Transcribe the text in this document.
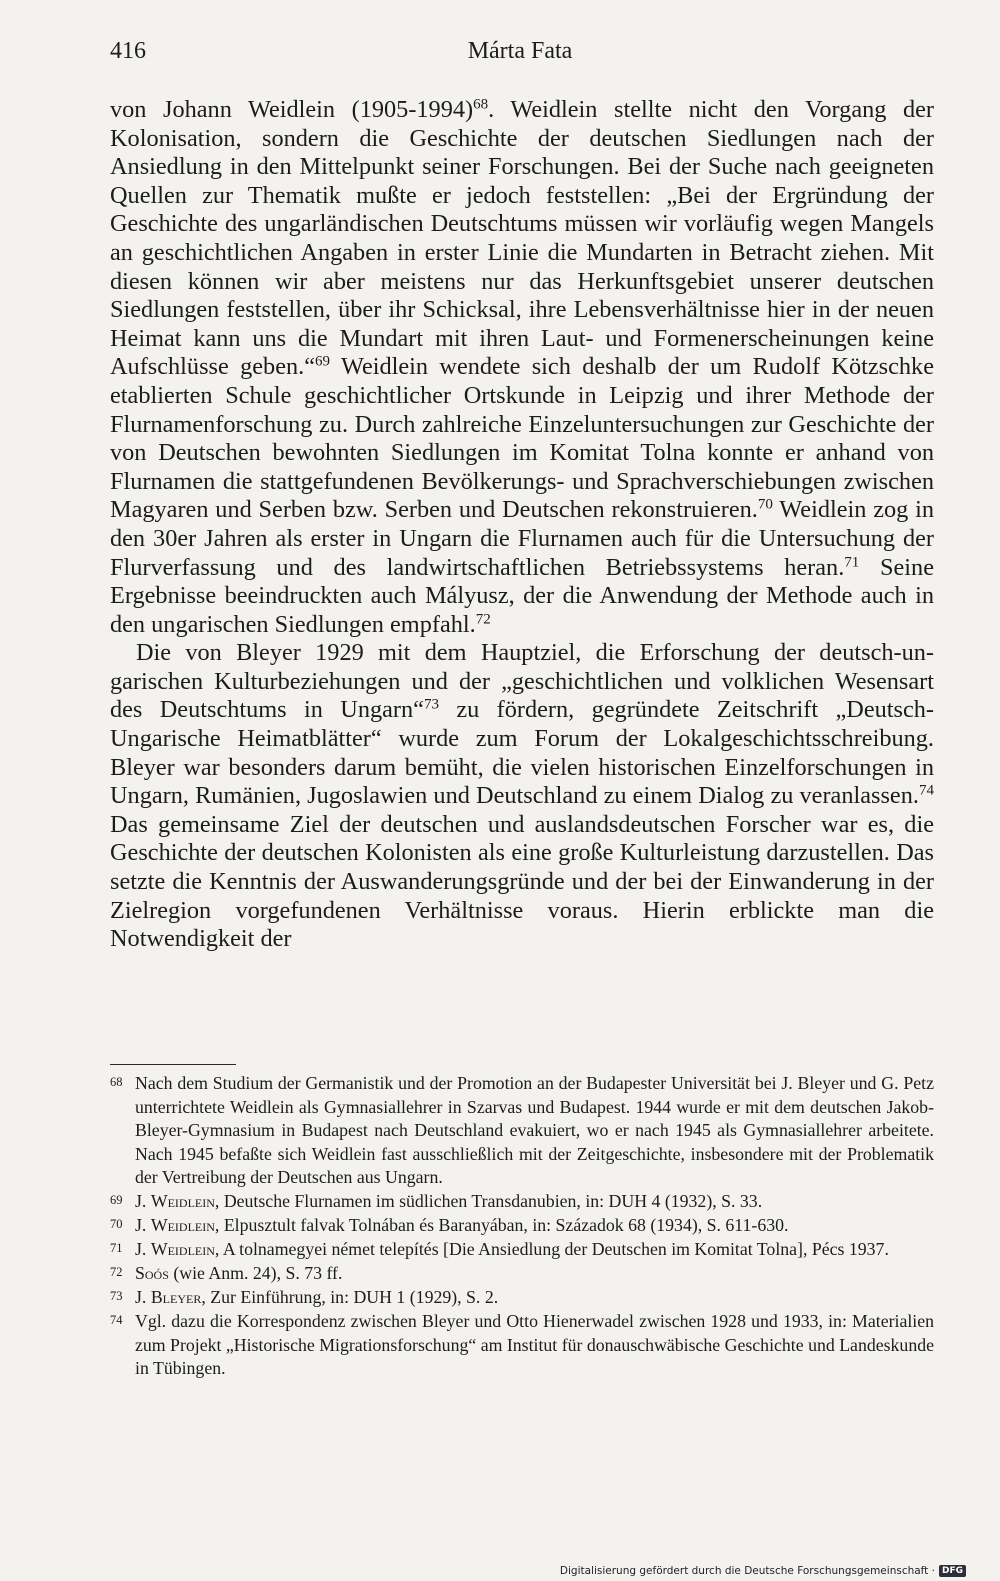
416	Márta Fata

von Johann Weidlein (1905-1994)$^{68}$. Weidlein stellte nicht den Vorgang der Kolonisation, sondern die Geschichte der deutschen Siedlungen nach der Ansiedlung in den Mittelpunkt seiner Forschungen. Bei der Suche nach geeigneten Quellen zur Thematik mußte er jedoch feststellen: „Bei der Ergründung der Geschichte des ungarländischen Deutschtums müssen wir vorläufig wegen Mangels an geschichtlichen Angaben in erster Linie die Mundarten in Betracht ziehen. Mit diesen können wir aber meistens nur das Herkunftsgebiet unserer deutschen Siedlungen feststellen, über ihr Schicksal, ihre Lebensverhältnisse hier in der neuen Heimat kann uns die Mundart mit ihren Laut- und Formenerscheinungen keine Aufschlüsse geben.“$^{69}$ Weidlein wendete sich deshalb der um Rudolf Kötzschke etablierten Schule geschichtlicher Ortskunde in Leipzig und ihrer Methode der Flurnamenforschung zu. Durch zahlreiche Einzeluntersuchungen zur Geschichte der von Deutschen bewohnten Siedlungen im Komitat Tolna konnte er anhand von Flurnamen die stattgefundenen Bevölkerungs- und Sprachverschiebungen zwischen Magyaren und Serben bzw. Serben und Deutschen rekonstruieren.$^{70}$ Weidlein zog in den 30er Jahren als erster in Ungarn die Flurnamen auch für die Untersuchung der Flurverfassung und des landwirtschaftlichen Betriebssystems heran.$^{71}$ Seine Ergebnisse beeindruckten auch Mályusz, der die Anwendung der Methode auch in den ungarischen Siedlungen empfahl.$^{72}$

Die von Bleyer 1929 mit dem Hauptziel, die Erforschung der deutsch-ungarischen Kulturbeziehungen und der „geschichtlichen und volklichen Wesensart des Deutschtums in Ungarn“$^{73}$ zu fördern, gegründete Zeitschrift „Deutsch-Ungarische Heimatblätter“ wurde zum Forum der Lokalgeschichtsschreibung. Bleyer war besonders darum bemüht, die vielen historischen Einzelforschungen in Ungarn, Rumänien, Jugoslawien und Deutschland zu einem Dialog zu veranlassen.$^{74}$ Das gemeinsame Ziel der deutschen und auslandsdeutschen Forscher war es, die Geschichte der deutschen Kolonisten als eine große Kulturleistung darzustellen. Das setzte die Kenntnis der Auswanderungsgründe und der bei der Einwanderung in der Zielregion vorgefundenen Verhältnisse voraus. Hierin erblickte man die Notwendigkeit der

68 Nach dem Studium der Germanistik und der Promotion an der Budapester Universität bei J. Bleyer und G. Petz unterrichtete Weidlein als Gymnasiallehrer in Szarvas und Budapest. 1944 wurde er mit dem deutschen Jakob-Bleyer-Gymnasium in Budapest nach Deutschland evakuiert, wo er nach 1945 als Gymnasiallehrer arbeitete. Nach 1945 befaßte sich Weidlein fast ausschließlich mit der Zeitgeschichte, insbesondere mit der Problematik der Vertreibung der Deutschen aus Ungarn.
69 J. Weidlein, Deutsche Flurnamen im südlichen Transdanubien, in: DUH 4 (1932), S. 33.
70 J. Weidlein, Elpusztult falvak Tolnában és Baranyában, in: Századok 68 (1934), S. 611-630.
71 J. Weidlein, A tolnamegyei német telepítés [Die Ansiedlung der Deutschen im Komitat Tolna], Pécs 1937.
72 Soós (wie Anm. 24), S. 73 ff.
73 J. Bleyer, Zur Einführung, in: DUH 1 (1929), S. 2.
74 Vgl. dazu die Korrespondenz zwischen Bleyer und Otto Hienerwadel zwischen 1928 und 1933, in: Materialien zum Projekt „Historische Migrationsforschung“ am Institut für donauschwäbische Geschichte und Landeskunde in Tübingen.
Digitalisierung gefördert durch die Deutsche Forschungsgemeinschaft · DFG
